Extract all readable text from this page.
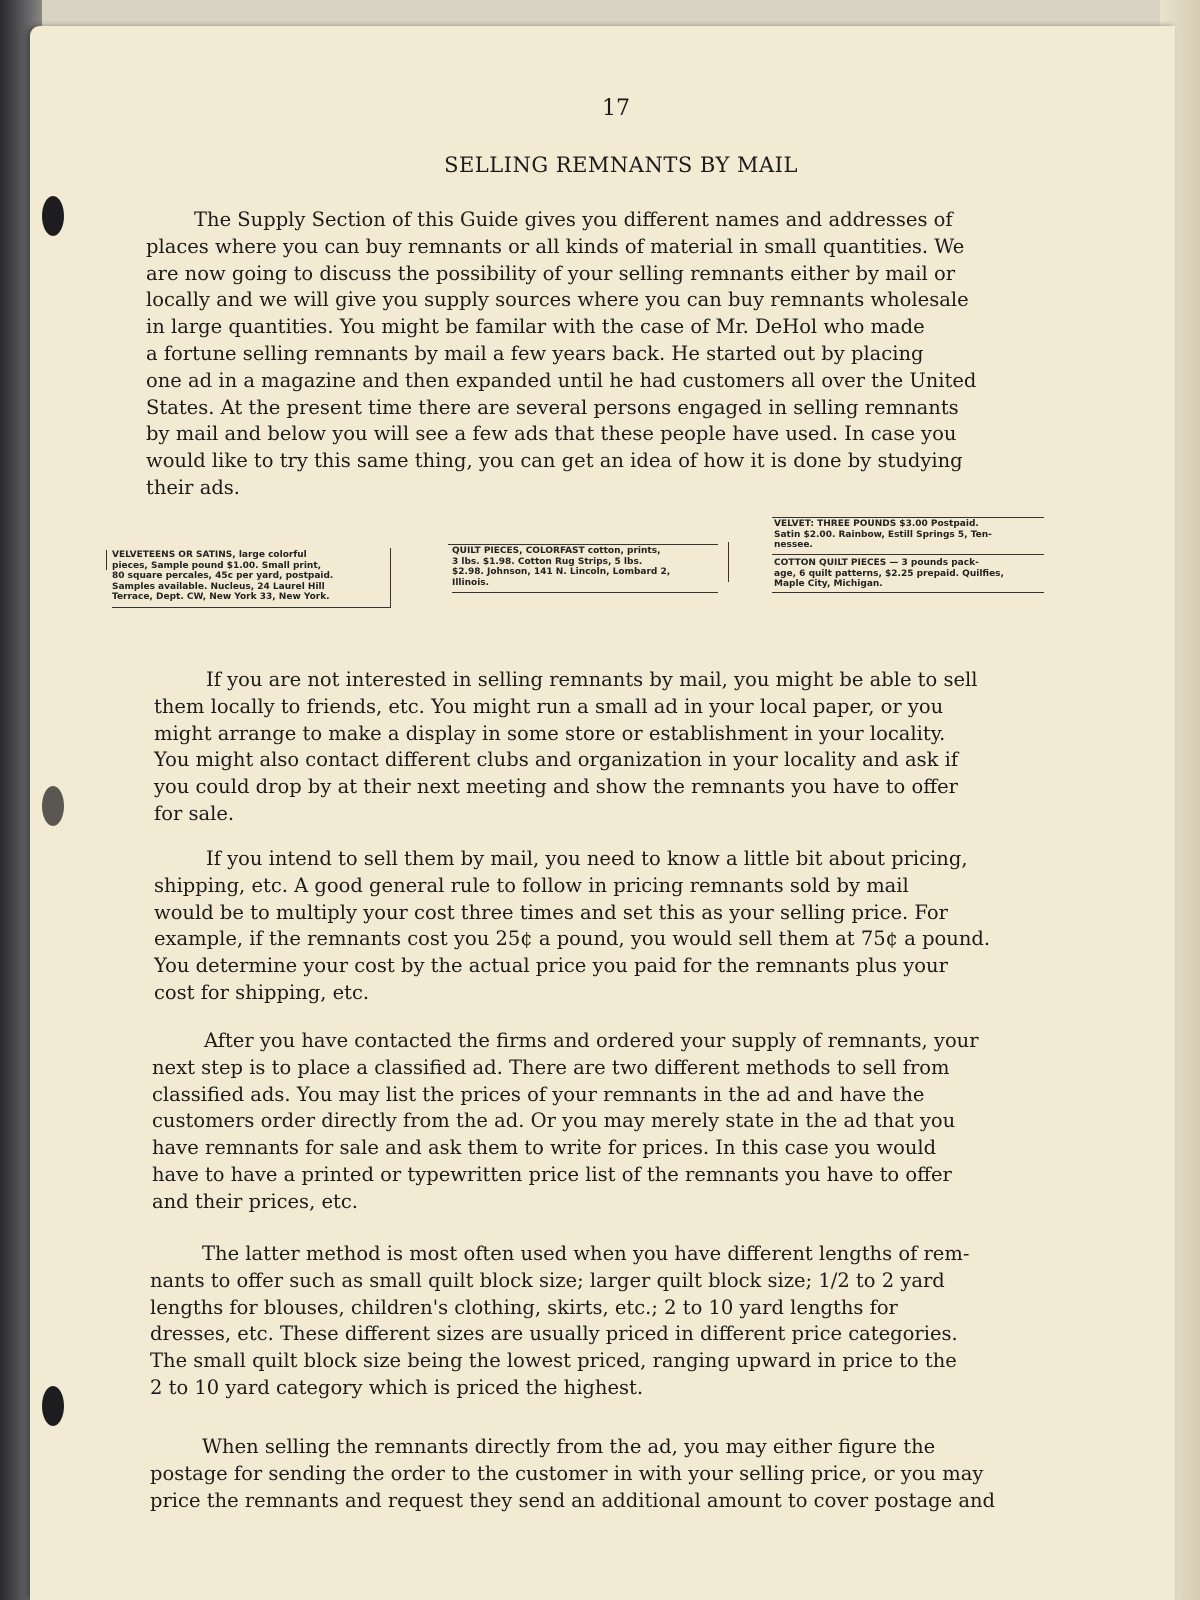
17
SELLING REMNANTS BY MAIL
The Supply Section of this Guide gives you different names and addresses of
places where you can buy remnants or all kinds of material in small quantities. We
are now going to discuss the possibility of your selling remnants either by mail or
locally and we will give you supply sources where you can buy remnants wholesale
in large quantities. You might be familar with the case of Mr. DeHol who made
a fortune selling remnants by mail a few years back. He started out by placing
one ad in a magazine and then expanded until he had customers all over the United
States. At the present time there are several persons engaged in selling remnants
by mail and below you will see a few ads that these people have used. In case you
would like to try this same thing, you can get an idea of how it is done by studying
their ads.
VELVETEENS OR SATINS, large colorful
pieces, Sample pound $1.00. Small print,
80 square percales, 45c per yard, postpaid.
Samples available. Nucleus, 24 Laurel Hill
Terrace, Dept. CW, New York 33, New York.
QUILT PIECES, COLORFAST cotton, prints,
3 lbs. $1.98. Cotton Rug Strips, 5 lbs.
$2.98. Johnson, 141 N. Lincoln, Lombard 2,
Illinois.
VELVET: THREE POUNDS $3.00 Postpaid.
Satin $2.00. Rainbow, Estill Springs 5, Ten-
nessee.
COTTON QUILT PIECES — 3 pounds pack-
age, 6 quilt patterns, $2.25 prepaid. Quilfies,
Maple City, Michigan.
If you are not interested in selling remnants by mail, you might be able to sell
them locally to friends, etc. You might run a small ad in your local paper, or you
might arrange to make a display in some store or establishment in your locality.
You might also contact different clubs and organization in your locality and ask if
you could drop by at their next meeting and show the remnants you have to offer
for sale.
If you intend to sell them by mail, you need to know a little bit about pricing,
shipping, etc. A good general rule to follow in pricing remnants sold by mail
would be to multiply your cost three times and set this as your selling price. For
example, if the remnants cost you 25¢ a pound, you would sell them at 75¢ a pound.
You determine your cost by the actual price you paid for the remnants plus your
cost for shipping, etc.
After you have contacted the firms and ordered your supply of remnants, your
next step is to place a classified ad. There are two different methods to sell from
classified ads. You may list the prices of your remnants in the ad and have the
customers order directly from the ad. Or you may merely state in the ad that you
have remnants for sale and ask them to write for prices. In this case you would
have to have a printed or typewritten price list of the remnants you have to offer
and their prices, etc.
The latter method is most often used when you have different lengths of rem-
nants to offer such as small quilt block size; larger quilt block size; 1/2 to 2 yard
lengths for blouses, children's clothing, skirts, etc.; 2 to 10 yard lengths for
dresses, etc. These different sizes are usually priced in different price categories.
The small quilt block size being the lowest priced, ranging upward in price to the
2 to 10 yard category which is priced the highest.
When selling the remnants directly from the ad, you may either figure the
postage for sending the order to the customer in with your selling price, or you may
price the remnants and request they send an additional amount to cover postage and
